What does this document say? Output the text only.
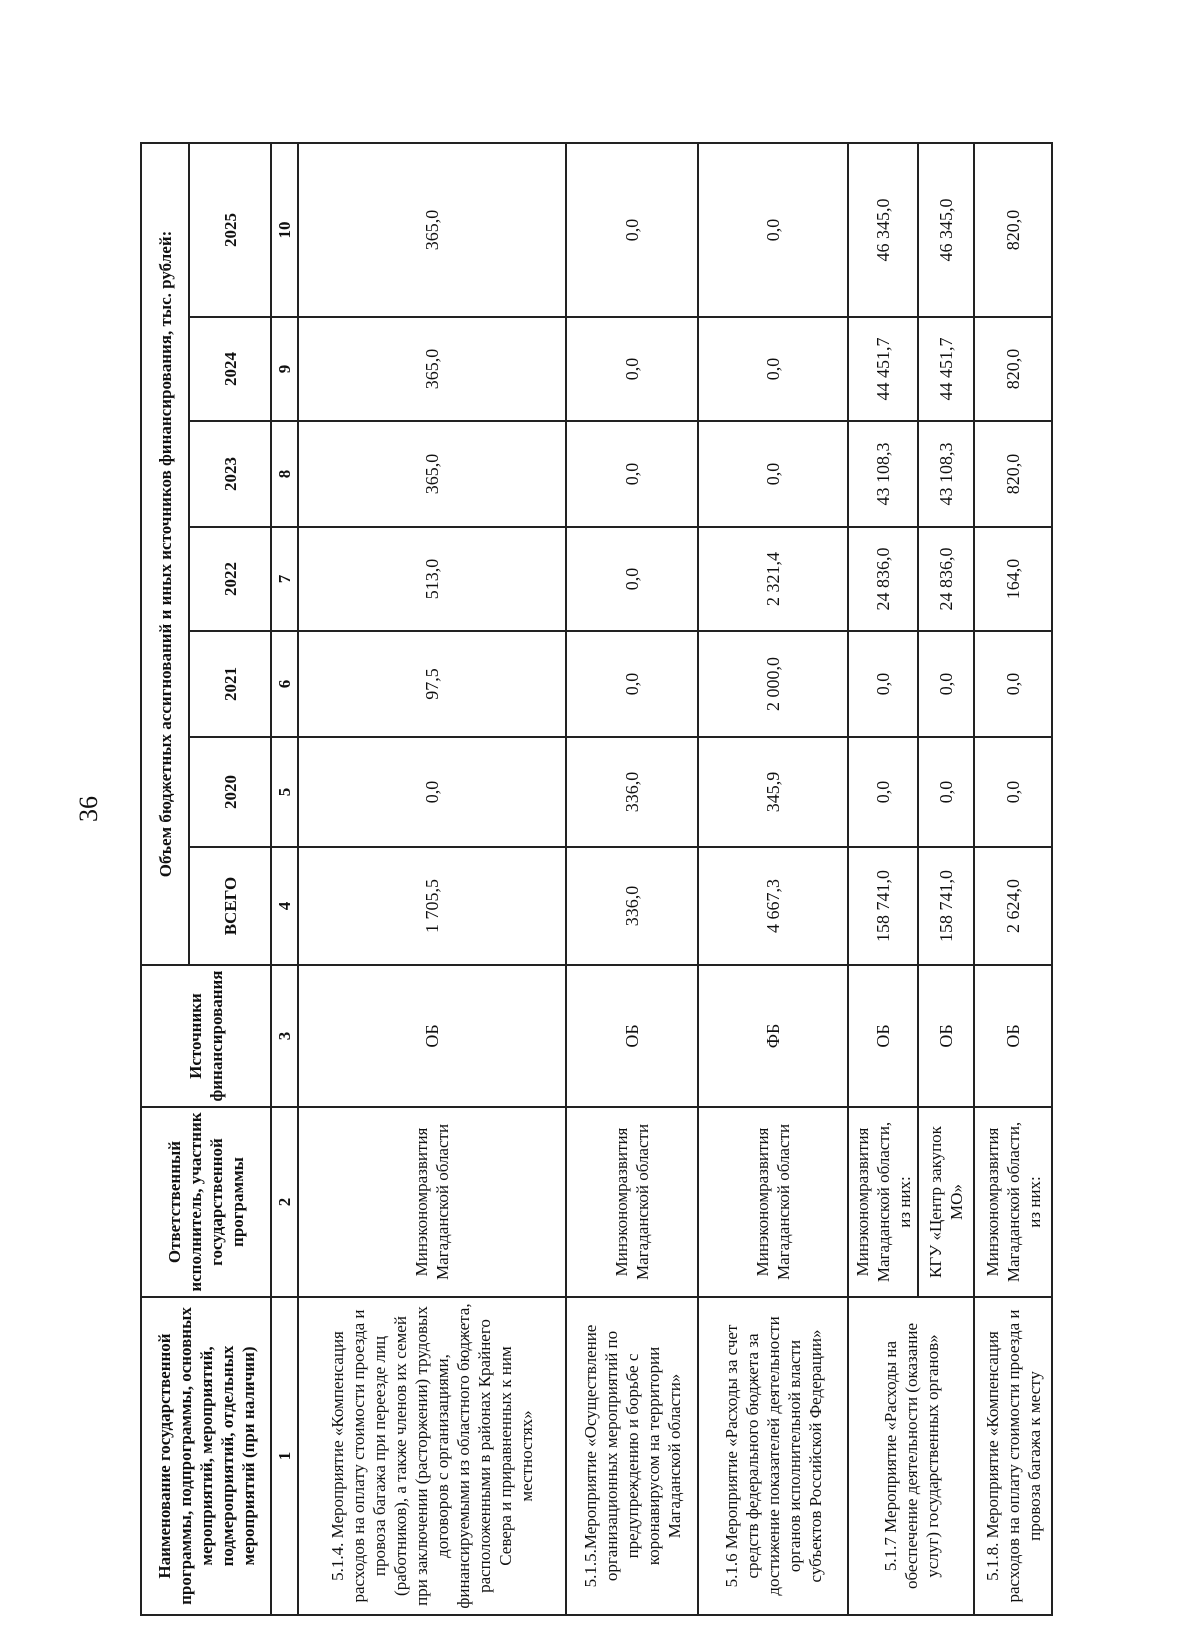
36
Наименование государственной программы, подпрограммы, основных мероприятий, мероприятий, подмероприятий, отдельных мероприятий (при наличии)	Ответственный исполнитель, участник государственной программы	Источники финансирования	Объем бюджетных ассигнований и иных источников финансирования, тыс. рублей:						
			ВСЕГО	2020	2021	2022	2023	2024	2025
1	2	3	4	5	6	7	8	9	10
5.1.4. Мероприятие «Компенсация расходов на оплату стоимости проезда и провоза багажа при переезде лиц (работников), а также членов их семей при заключении (расторжении) трудовых договоров с организациями, финансируемыми из областного бюджета, расположенными в районах Крайнего Севера и приравненных к ним местностях»	Минэкономразвития Магаданской области	ОБ	1 705,5	0,0	97,5	513,0	365,0	365,0	365,0
5.1.5.Мероприятие «Осуществление организационных мероприятий по предупреждению и борьбе с коронавирусом на территории Магаданской области»	Минэкономразвития Магаданской области	ОБ	336,0	336,0	0,0	0,0	0,0	0,0	0,0
5.1.6 Мероприятие «Расходы за счет средств федерального бюджета за достижение показателей деятельности органов исполнительной власти субъектов Российской Федерации»	Минэкономразвития Магаданской области	ФБ	4 667,3	345,9	2 000,0	2 321,4	0,0	0,0	0,0
5.1.7 Мероприятие «Расходы на обеспечение деятельности (оказание услуг) государственных органов»	Минэкономразвития Магаданской области, из них:	ОБ	158 741,0	0,0	0,0	24 836,0	43 108,3	44 451,7	46 345,0
	КГУ «Центр закупок МО»	ОБ	158 741,0	0,0	0,0	24 836,0	43 108,3	44 451,7	46 345,0
5.1.8. Мероприятие «Компенсация расходов на оплату стоимости проезда и провоза багажа к месту	Минэкономразвития Магаданской области, из них:	ОБ	2 624,0	0,0	0,0	164,0	820,0	820,0	820,0
